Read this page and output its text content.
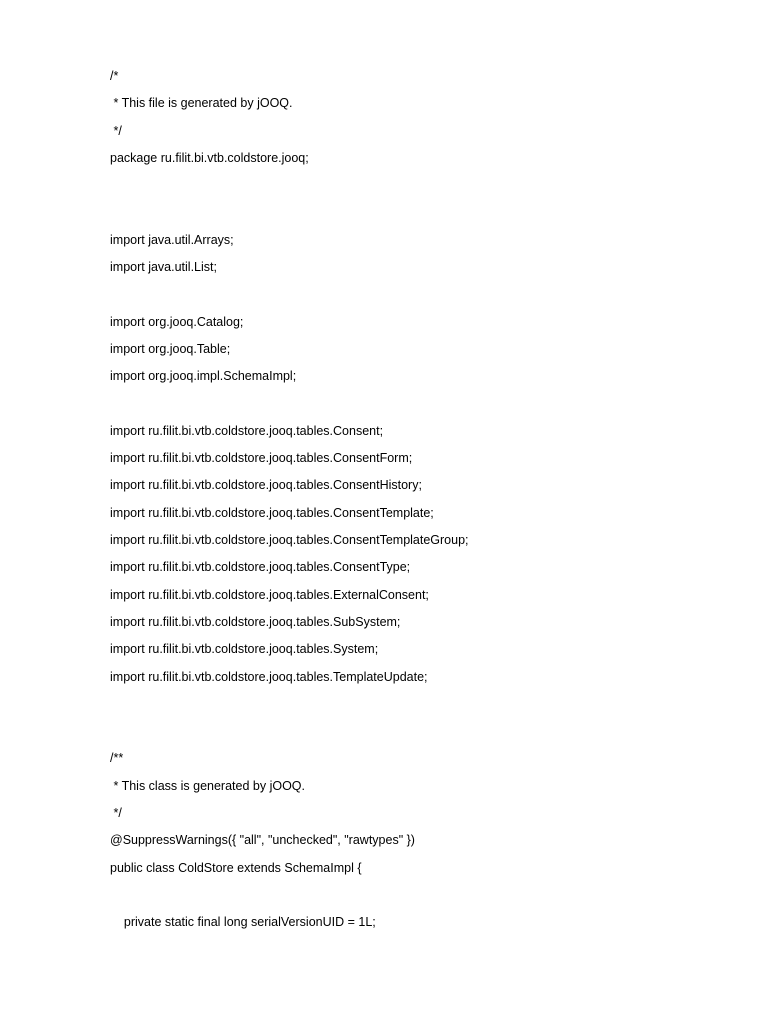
/*
* This file is generated by jOOQ.
*/
package ru.filit.bi.vtb.coldstore.jooq;
import java.util.Arrays;
import java.util.List;
import org.jooq.Catalog;
import org.jooq.Table;
import org.jooq.impl.SchemaImpl;
import ru.filit.bi.vtb.coldstore.jooq.tables.Consent;
import ru.filit.bi.vtb.coldstore.jooq.tables.ConsentForm;
import ru.filit.bi.vtb.coldstore.jooq.tables.ConsentHistory;
import ru.filit.bi.vtb.coldstore.jooq.tables.ConsentTemplate;
import ru.filit.bi.vtb.coldstore.jooq.tables.ConsentTemplateGroup;
import ru.filit.bi.vtb.coldstore.jooq.tables.ConsentType;
import ru.filit.bi.vtb.coldstore.jooq.tables.ExternalConsent;
import ru.filit.bi.vtb.coldstore.jooq.tables.SubSystem;
import ru.filit.bi.vtb.coldstore.jooq.tables.System;
import ru.filit.bi.vtb.coldstore.jooq.tables.TemplateUpdate;
/**
* This class is generated by jOOQ.
*/
@SuppressWarnings({ "all", "unchecked", "rawtypes" })
public class ColdStore extends SchemaImpl {
private static final long serialVersionUID = 1L;
